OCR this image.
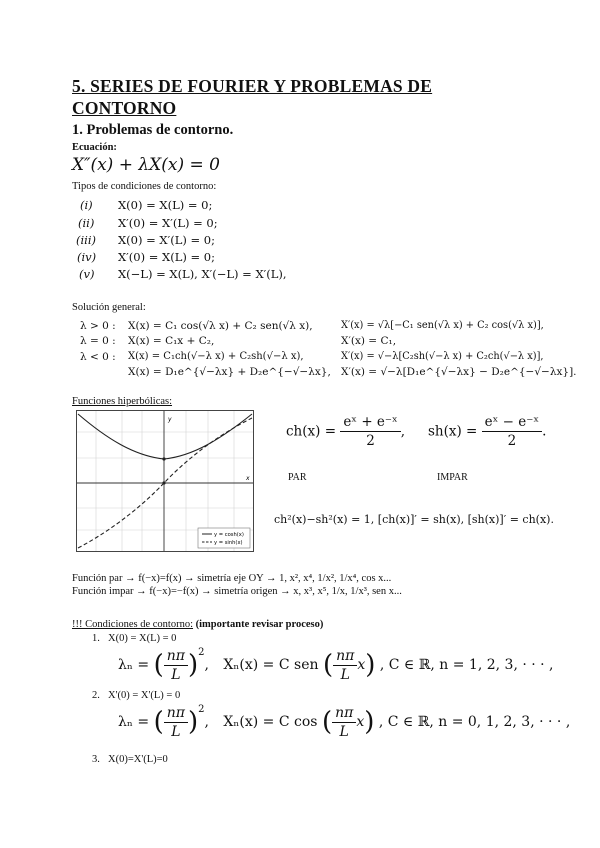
5. SERIES DE FOURIER Y PROBLEMAS DE
CONTORNO
1. Problemas de contorno.
Ecuación:
X″(x) + λX(x) = 0
Tipos de condiciones de contorno:
(i) X(0) = X(L) = 0;
(ii) X′(0) = X′(L) = 0;
(iii) X(0) = X′(L) = 0;
(iv) X′(0) = X(L) = 0;
(v) X(−L) = X(L), X′(−L) = X′(L),
Solución general:
λ > 0 : X(x) = C₁ cos(√λ x) + C₂ sen(√λ x),	X′(x) = √λ[−C₁ sen(√λ x) + C₂ cos(√λ x)],
λ = 0 : X(x) = C₁x + C₂,	X′(x) = C₁,
λ < 0 : X(x) = C₁ch(√−λ x) + C₂sh(√−λ x),	X′(x) = √−λ[C₂sh(√−λ x) + C₂ch(√−λ x)],
X(x) = D₁e^{√−λx} + D₂e^{−√−λx}, X′(x) = √−λ[D₁e^{√−λx} − D₂e^{−√−λx}].
Funciones hiperbólicas:
y
x
y = cosh(x)
y = sinh(x)
$ch(x) = \frac{\text{eˣ + e⁻ˣ}}{2}$ , $sh(x) = \frac{\text{eˣ − e⁻ˣ}}{2}$ .
PAR	IMPAR
ch²(x)−sh²(x) = 1, [ch(x)]′ = sh(x), [sh(x)]′ = ch(x).
Función par → f(−x)=f(x) → simetría eje OY → 1, x², x⁴, 1/x², 1/x⁴, cos x...
Función impar → f(−x)=−f(x) → simetría origen → x, x³, x⁵, 1/x, 1/x³, sen x...
!!! Condiciones de contorno: (importante revisar proceso)
1. X(0) = X(L) = 0
λₙ = ( $\frac{n\pi}{L} )^2$, Xₙ(x) = C sen ( $\frac{n\pi}{L} x$) , C ∈ ℝ, n = 1, 2, 3, · · · ,
2. X'(0) = X'(L) = 0
λₙ = ( $\frac{n\pi}{L} )^2$, Xₙ(x) = C cos ( $\frac{n\pi}{L} x$) , C ∈ ℝ, n = 0, 1, 2, 3, · · · ,
3. X(0)=X'(L)=0
